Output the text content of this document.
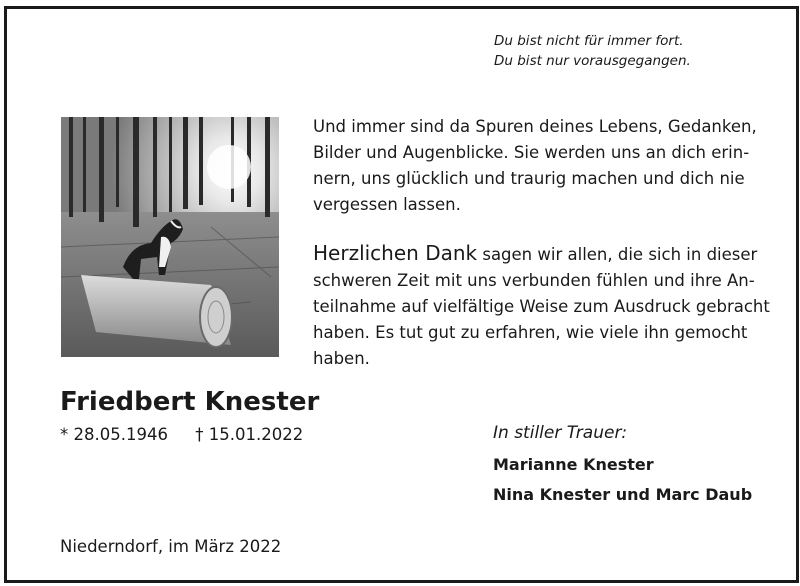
Du bist nicht für immer fort.
Du bist nur vorausgegangen.
Und immer sind da Spuren deines Lebens, Gedanken,
Bilder und Augenblicke. Sie werden uns an dich erin-
nern, uns glücklich und traurig machen und dich nie
vergessen lassen.
Herzlichen Dank sagen wir allen, die sich in dieser
schweren Zeit mit uns verbunden fühlen und ihre An-
teilnahme auf vielfältige Weise zum Ausdruck gebracht
haben. Es tut gut zu erfahren, wie viele ihn gemocht
haben.
Friedbert Knester
* 28.05.1946 † 15.01.2022	In stiller Trauer:
Marianne Knester
Nina Knester und Marc Daub
Niederndorf, im März 2022
